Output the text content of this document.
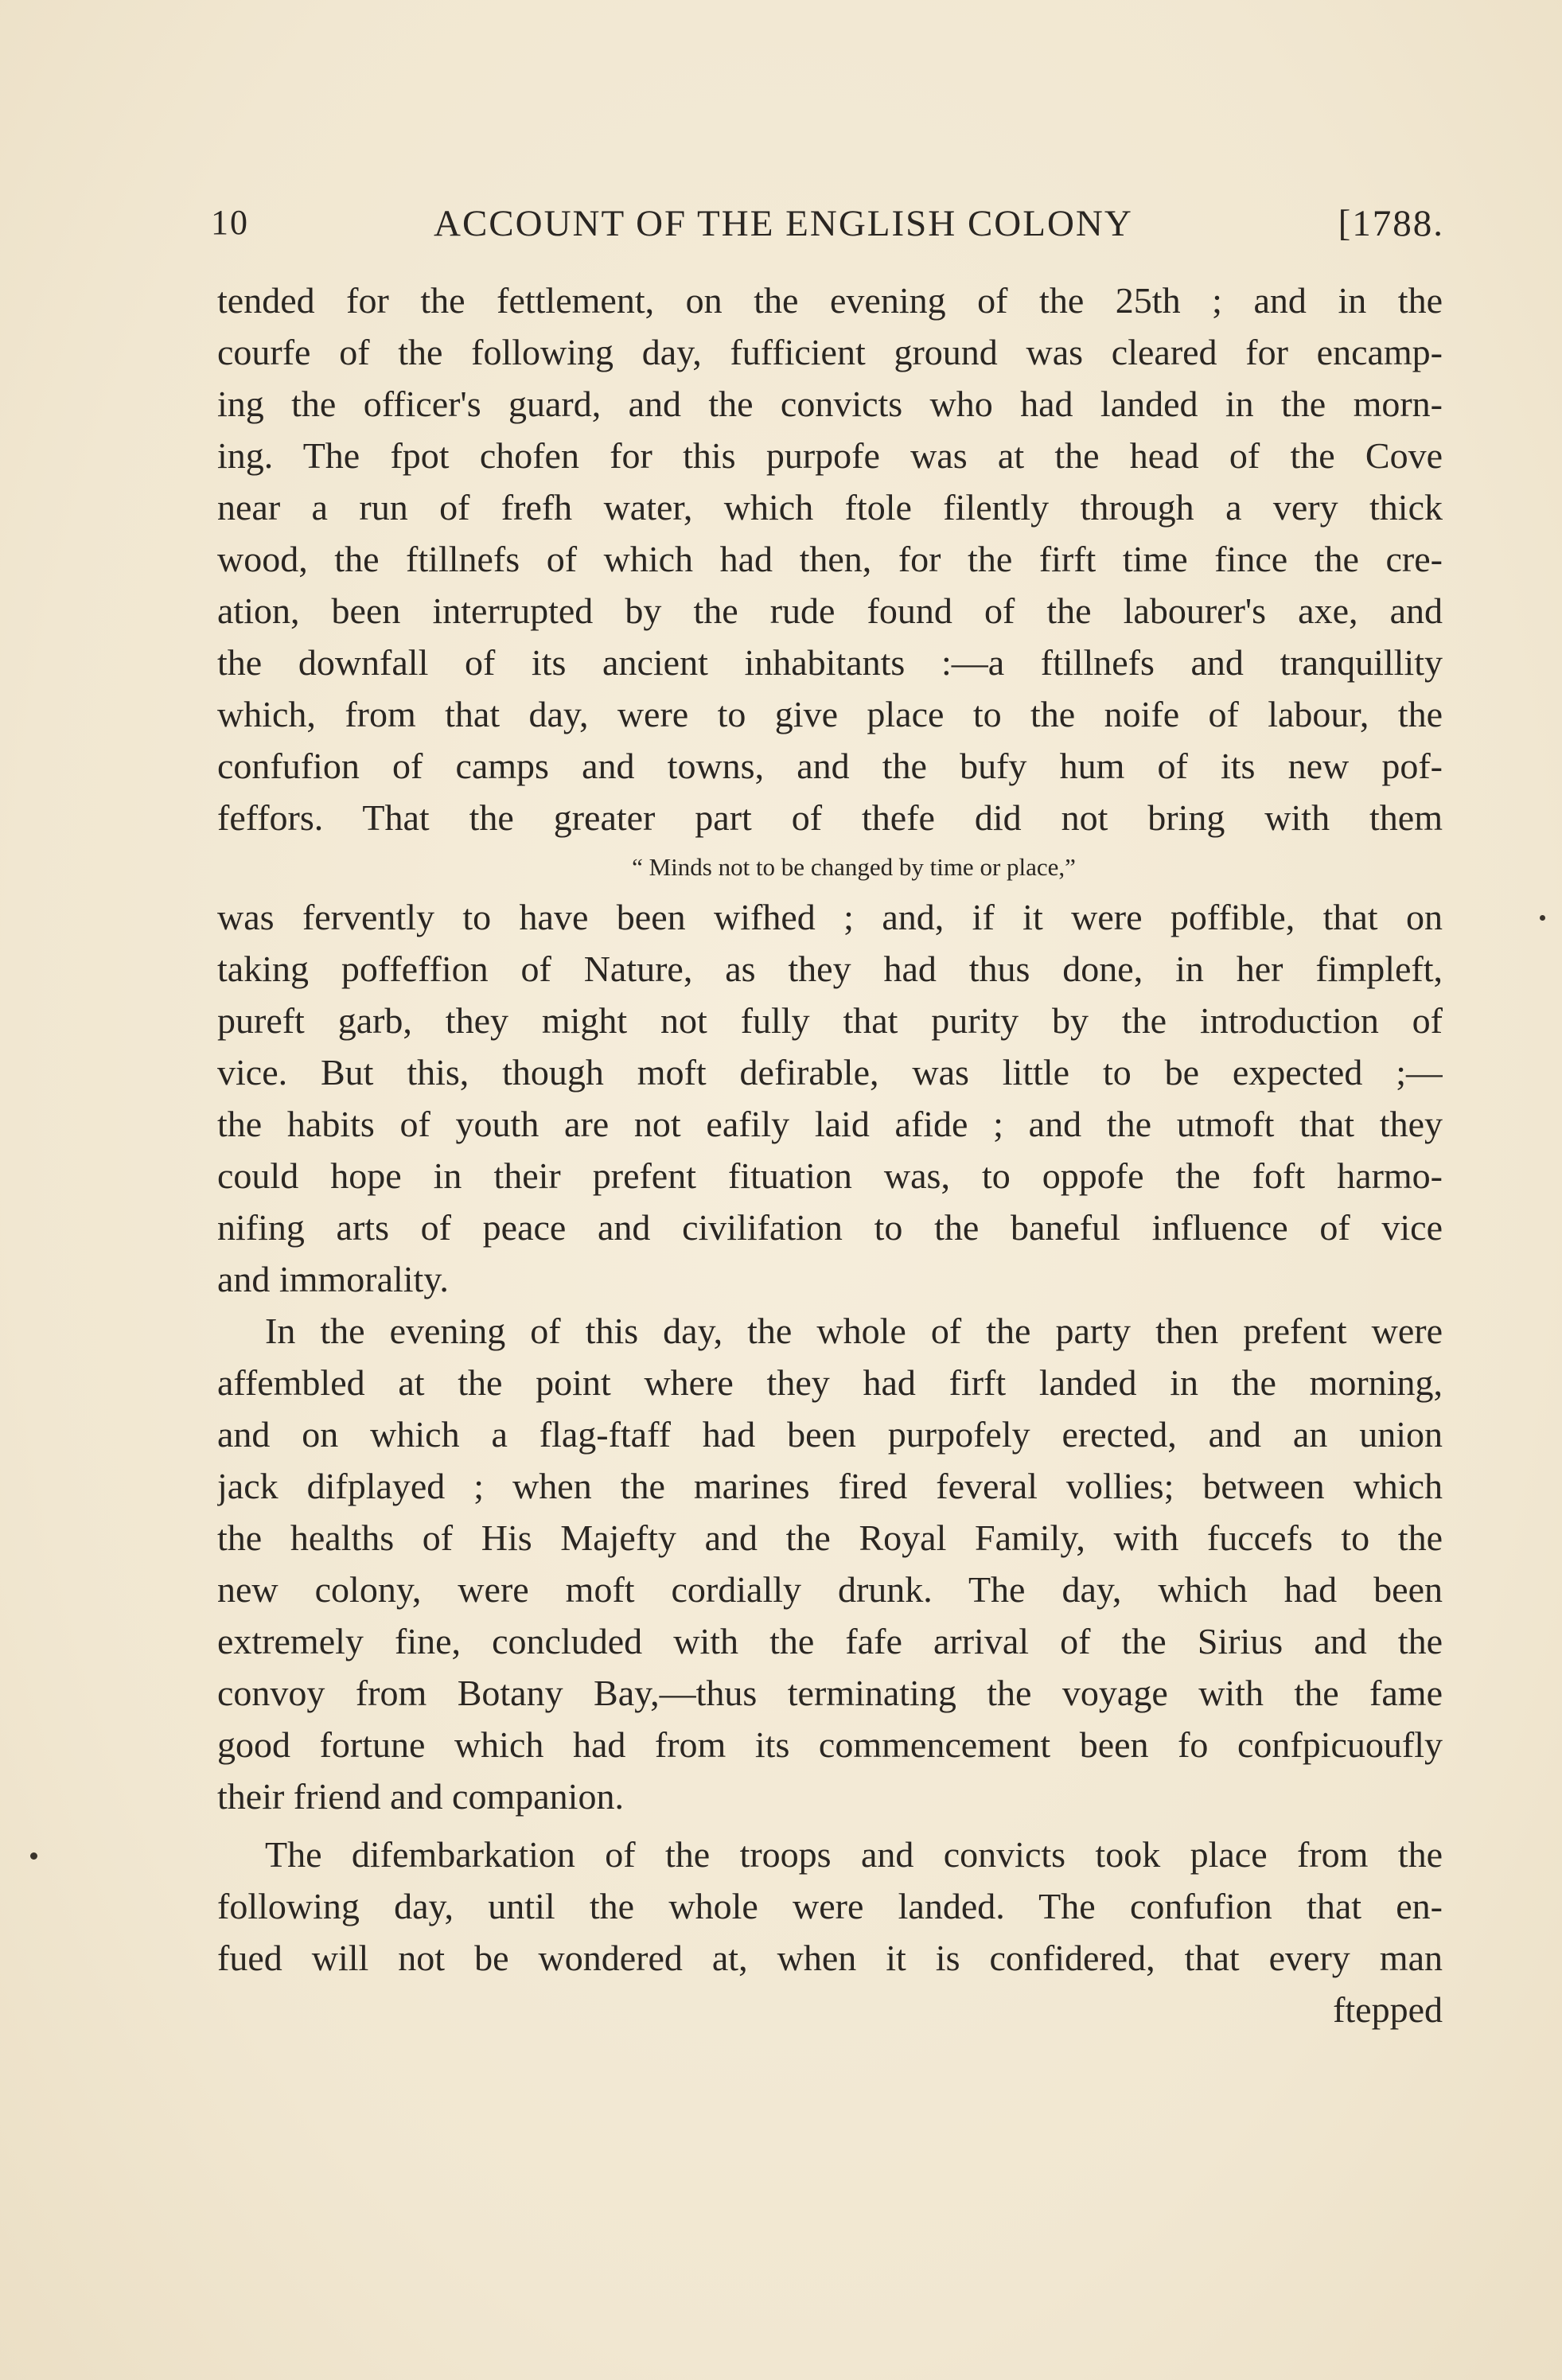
10	ACCOUNT OF THE ENGLISH COLONY	[1788.
tended for the fettlement, on the evening of the 25th ; and in the
courfe of the following day, fufficient ground was cleared for encamp-
ing the officer's guard, and the convicts who had landed in the morn-
ing. The fpot chofen for this purpofe was at the head of the Cove
near a run of frefh water, which ftole filently through a very thick
wood, the ftillnefs of which had then, for the firft time fince the cre-
ation, been interrupted by the rude found of the labourer's axe, and
the downfall of its ancient inhabitants :—a ftillnefs and tranquillity
which, from that day, were to give place to the noife of labour, the
confufion of camps and towns, and the bufy hum of its new pof-
feffors. That the greater part of thefe did not bring with them
“ Minds not to be changed by time or place,”
was fervently to have been wifhed ; and, if it were poffible, that on
taking poffeffion of Nature, as they had thus done, in her fimpleft,
pureft garb, they might not fully that purity by the introduction of
vice. But this, though moft defirable, was little to be expected ;—
the habits of youth are not eafily laid afide ; and the utmoft that they
could hope in their prefent fituation was, to oppofe the foft harmo-
nifing arts of peace and civilifation to the baneful influence of vice
and immorality.
In the evening of this day, the whole of the party then prefent were
affembled at the point where they had firft landed in the morning,
and on which a flag-ftaff had been purpofely erected, and an union
jack difplayed ; when the marines fired feveral vollies; between which
the healths of His Majefty and the Royal Family, with fuccefs to the
new colony, were moft cordially drunk. The day, which had been
extremely fine, concluded with the fafe arrival of the Sirius and the
convoy from Botany Bay,—thus terminating the voyage with the fame
good fortune which had from its commencement been fo confpicuoufly
their friend and companion.
The difembarkation of the troops and convicts took place from the
following day, until the whole were landed. The confufion that en-
fued will not be wondered at, when it is confidered, that every man
ftepped
